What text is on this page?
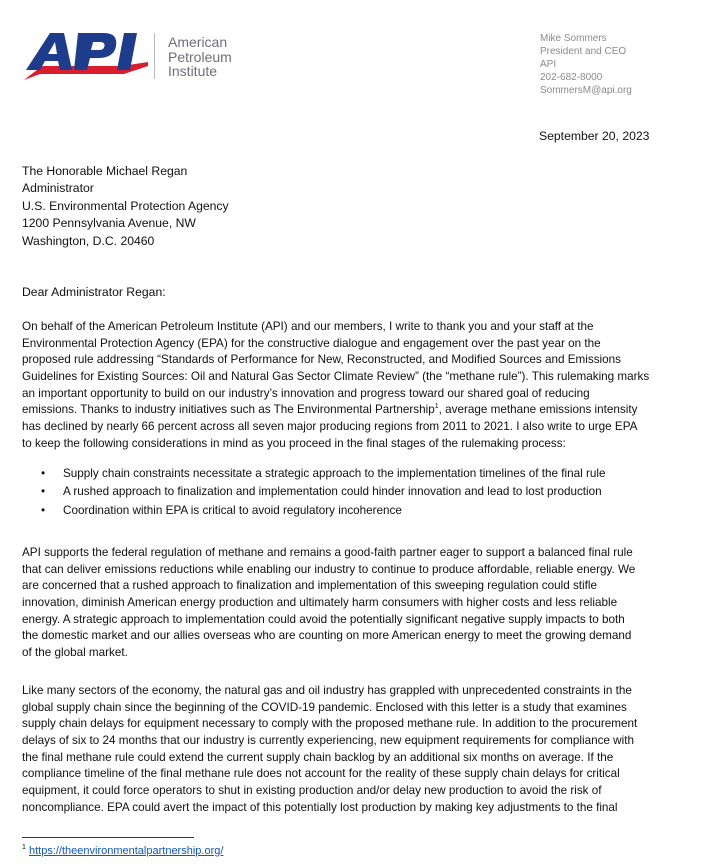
American
Petroleum
Institute
Mike Sommers
President and CEO
API
202-682-8000
SommersM@api.org
September 20, 2023
The Honorable Michael Regan
Administrator
U.S. Environmental Protection Agency
1200 Pennsylvania Avenue, NW
Washington, D.C. 20460
Dear Administrator Regan:
On behalf of the American Petroleum Institute (API) and our members, I write to thank you and your staff at the
Environmental Protection Agency (EPA) for the constructive dialogue and engagement over the past year on the
proposed rule addressing “Standards of Performance for New, Reconstructed, and Modified Sources and Emissions
Guidelines for Existing Sources: Oil and Natural Gas Sector Climate Review” (the “methane rule”). This rulemaking marks
an important opportunity to build on our industry’s innovation and progress toward our shared goal of reducing
emissions. Thanks to industry initiatives such as The Environmental Partnership$^1$, average methane emissions intensity
has declined by nearly 66 percent across all seven major producing regions from 2011 to 2021. I also write to urge EPA
to keep the following considerations in mind as you proceed in the final stages of the rulemaking process:
• Supply chain constraints necessitate a strategic approach to the implementation timelines of the final rule
• A rushed approach to finalization and implementation could hinder innovation and lead to lost production
• Coordination within EPA is critical to avoid regulatory incoherence
API supports the federal regulation of methane and remains a good-faith partner eager to support a balanced final rule
that can deliver emissions reductions while enabling our industry to continue to produce affordable, reliable energy. We
are concerned that a rushed approach to finalization and implementation of this sweeping regulation could stifle
innovation, diminish American energy production and ultimately harm consumers with higher costs and less reliable
energy. A strategic approach to implementation could avoid the potentially significant negative supply impacts to both
the domestic market and our allies overseas who are counting on more American energy to meet the growing demand
of the global market.
Like many sectors of the economy, the natural gas and oil industry has grappled with unprecedented constraints in the
global supply chain since the beginning of the COVID-19 pandemic. Enclosed with this letter is a study that examines
supply chain delays for equipment necessary to comply with the proposed methane rule. In addition to the procurement
delays of six to 24 months that our industry is currently experiencing, new equipment requirements for compliance with
the final methane rule could extend the current supply chain backlog by an additional six months on average. If the
compliance timeline of the final methane rule does not account for the reality of these supply chain delays for critical
equipment, it could force operators to shut in existing production and/or delay new production to avoid the risk of
noncompliance. EPA could avert the impact of this potentially lost production by making key adjustments to the final
$^1$ https://theenvironmentalpartnership.org/
